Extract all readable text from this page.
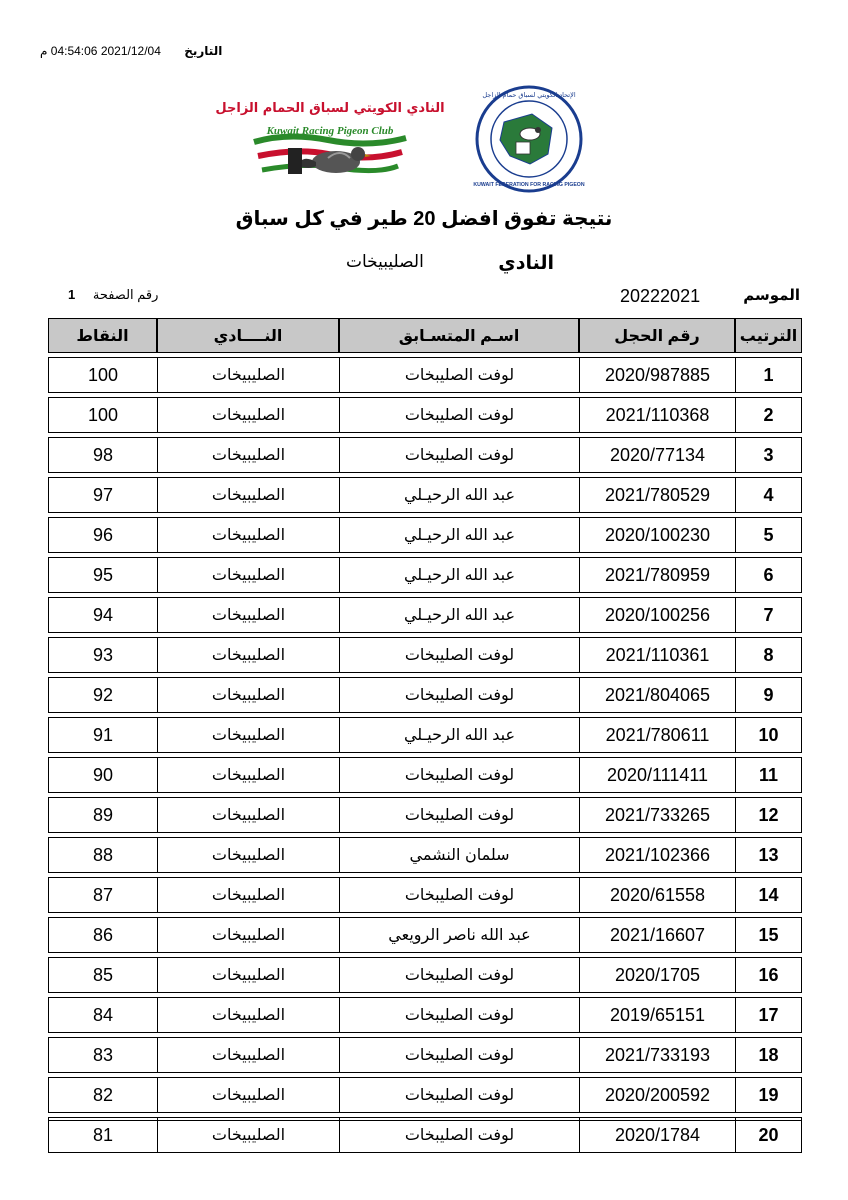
التاريخ 2021/12/04 04:54:06 م
النادي الكويتي لسباق الحمام الزاجل
Kuwait Racing Pigeon Club
الإتحاد الكويتي لسباق حمام الزاجل
KUWAIT FEDERATION FOR RACING PIGEON
نتيجة تفوق افضل 20 طير في كل سباق
النادي
الصليبيخات
الموسم
20222021
رقم الصفحة 1
الترتيب	رقم الحجل	اسـم المتسـابق	النــــادي	النقاط
1	2020/987885	لوفت الصليبخات	الصليبيخات	100
2	2021/110368	لوفت الصليبخات	الصليبيخات	100
3	2020/77134	لوفت الصليبخات	الصليبيخات	98
4	2021/780529	عبد الله الرحيـلي	الصليبيخات	97
5	2020/100230	عبد الله الرحيـلي	الصليبيخات	96
6	2021/780959	عبد الله الرحيـلي	الصليبيخات	95
7	2020/100256	عبد الله الرحيـلي	الصليبيخات	94
8	2021/110361	لوفت الصليبخات	الصليبيخات	93
9	2021/804065	لوفت الصليبخات	الصليبيخات	92
10	2021/780611	عبد الله الرحيـلي	الصليبيخات	91
11	2020/111411	لوفت الصليبخات	الصليبيخات	90
12	2021/733265	لوفت الصليبخات	الصليبيخات	89
13	2021/102366	سلمان النشمي	الصليبيخات	88
14	2020/61558	لوفت الصليبخات	الصليبيخات	87
15	2021/16607	عبد الله ناصر الرويعي	الصليبيخات	86
16	2020/1705	لوفت الصليبخات	الصليبيخات	85
17	2019/65151	لوفت الصليبخات	الصليبيخات	84
18	2021/733193	لوفت الصليبخات	الصليبيخات	83
19	2020/200592	لوفت الصليبخات	الصليبيخات	82
20	2020/1784	لوفت الصليبخات	الصليبيخات	81
